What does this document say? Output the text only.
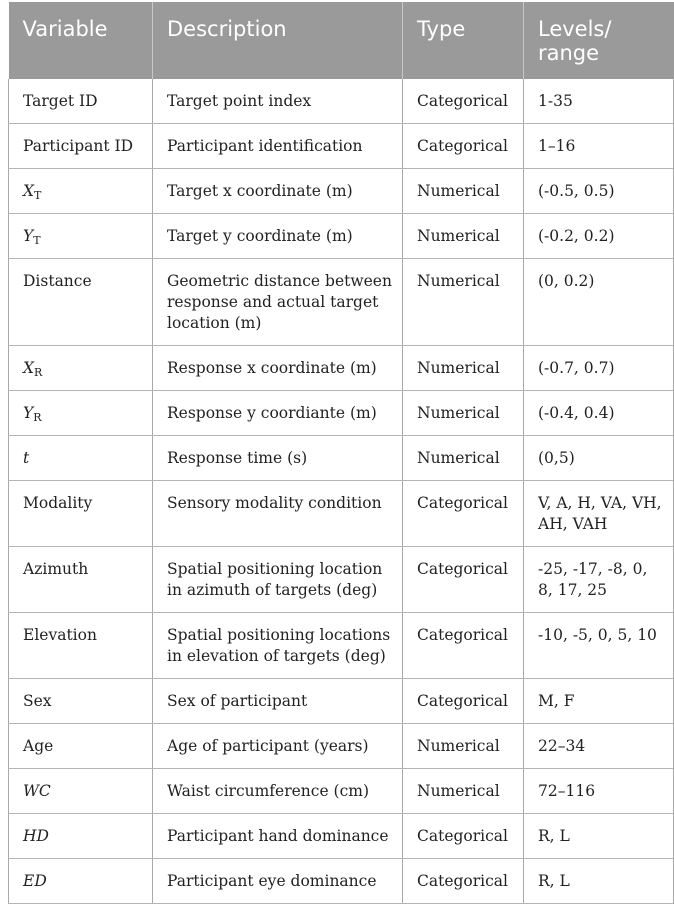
Variable	Description	Type	Levels/ range
Target ID	Target point index	Categorical	1-35
Participant ID	Participant identification	Categorical	1–16
$X_T$	Target x coordinate (m)	Numerical	(-0.5, 0.5)
$Y_T$	Target y coordinate (m)	Numerical	(-0.2, 0.2)
Distance	Geometric distance between response and actual target location (m)	Numerical	(0, 0.2)
$X_R$	Response x coordinate (m)	Numerical	(-0.7, 0.7)
$Y_R$	Response y coordiante (m)	Numerical	(-0.4, 0.4)
t	Response time (s)	Numerical	(0,5)
Modality	Sensory modality condition	Categorical	V, A, H, VA, VH, AH, VAH
Azimuth	Spatial positioning location in azimuth of targets (deg)	Categorical	-25, -17, -8, 0, 8, 17, 25
Elevation	Spatial positioning locations in elevation of targets (deg)	Categorical	-10, -5, 0, 5, 10
Sex	Sex of participant	Categorical	M, F
Age	Age of participant (years)	Numerical	22–34
WC	Waist circumference (cm)	Numerical	72–116
HD	Participant hand dominance	Categorical	R, L
ED	Participant eye dominance	Categorical	R, L
